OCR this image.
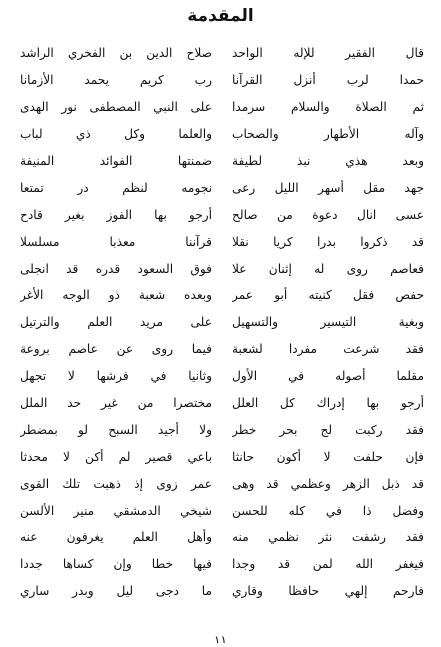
المقدمة
قال الفقير للإله الواحد
صلاح الدين بن الفخري الراشد
حمدا لرب أنزل القرآنا
رب كريم يحمد الأزمانا
ثم الصلاة والسلام سرمدا
على النبي المصطفى نور الهدى
وآله الأطهار والصحاب
والعلما وكل ذي لباب
وبعد هذي نبذ لطيفة
ضمنتها الفوائد المنيفة
جهد مقل أسهر الليل رعى
نجومه لنظم در تمتعا
عسى انال دعوة من صالح
أرجو بها الفوز بغير قادح
قد ذكروا بدرا كريا نقلا
قرآننا معذبا مسلسلا
فعاصم روى له إثنان علا
فوق السعود قدره قد انجلى
حفص فقل كنيته أبو عمر
وبعده شعبة ذو الوجه الأغر
وبغية التيسير والتسهيل
على مريد العلم والترتيل
فقد شرعت مفردا لشعبة
فيما روى عن عاصم بروعة
مقلما أصوله في الأول
وثانيا في فرشها لا تجهل
أرجو بها إدراك كل العلل
مختصرا من غير حد الملل
فقد ركبت لج بحر خطر
ولا أجيد السبح لو بمضطر
فإن حلفت لا أكون حانثا
باعي قصير لم أكن لا محدثا
قد ذبل الزهر وعظمي قد وهى
عمر زوى إذ ذهبت تلك القوى
وفضل ذا في كله للحسن
شيخي الدمشقي منير الألسن
فقد رشفت نثر نظمي منه
وأهل العلم يغرفون عنه
فيغفر الله لمن قد وجدا
فيها خطا وإن كساها جددا
فارحم إلهي حافظا وقاري
ما دجى ليل وبدر ساري
١١
